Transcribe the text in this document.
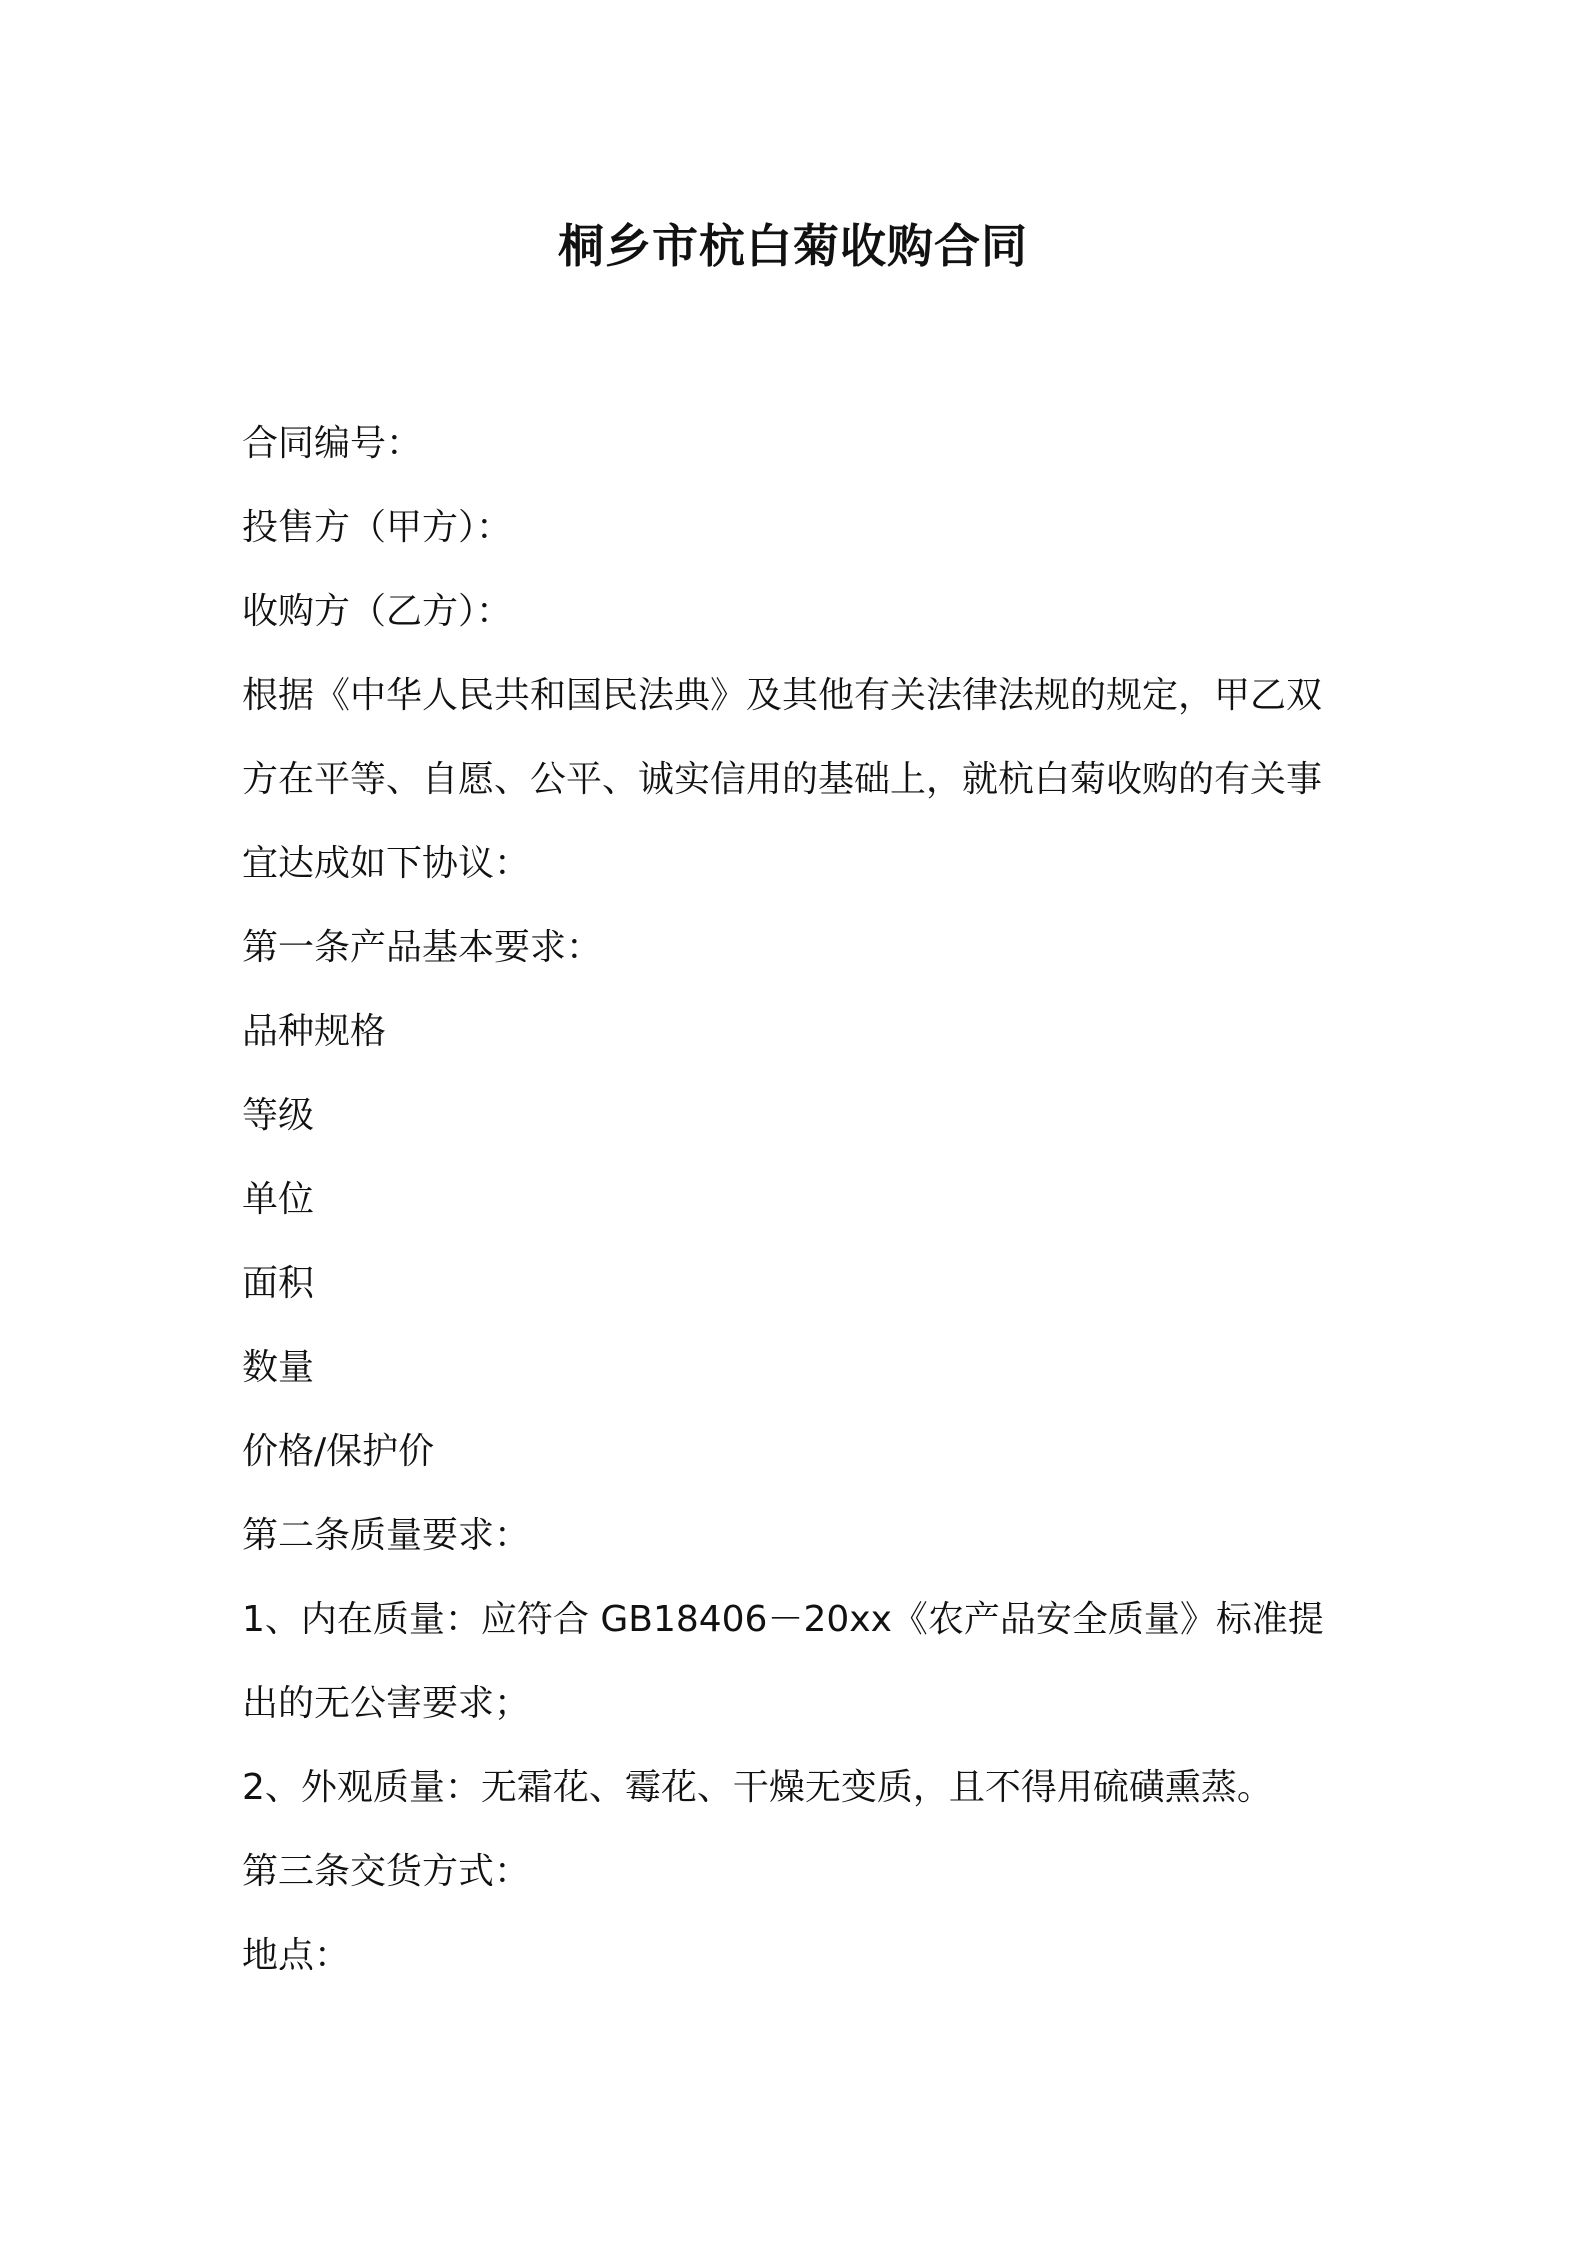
桐乡市杭白菊收购合同
合同编号：
投售方（甲方）：
收购方（乙方）：
根据《中华人民共和国民法典》及其他有关法律法规的规定，甲乙双
方在平等、自愿、公平、诚实信用的基础上，就杭白菊收购的有关事
宜达成如下协议：
第一条产品基本要求：
品种规格
等级
单位
面积
数量
价格/保护价
第二条质量要求：
1、内在质量：应符合 GB18406－20xx《农产品安全质量》标准提
出的无公害要求；
2、外观质量：无霜花、霉花、干燥无变质，且不得用硫磺熏蒸。
第三条交货方式：
地点：
